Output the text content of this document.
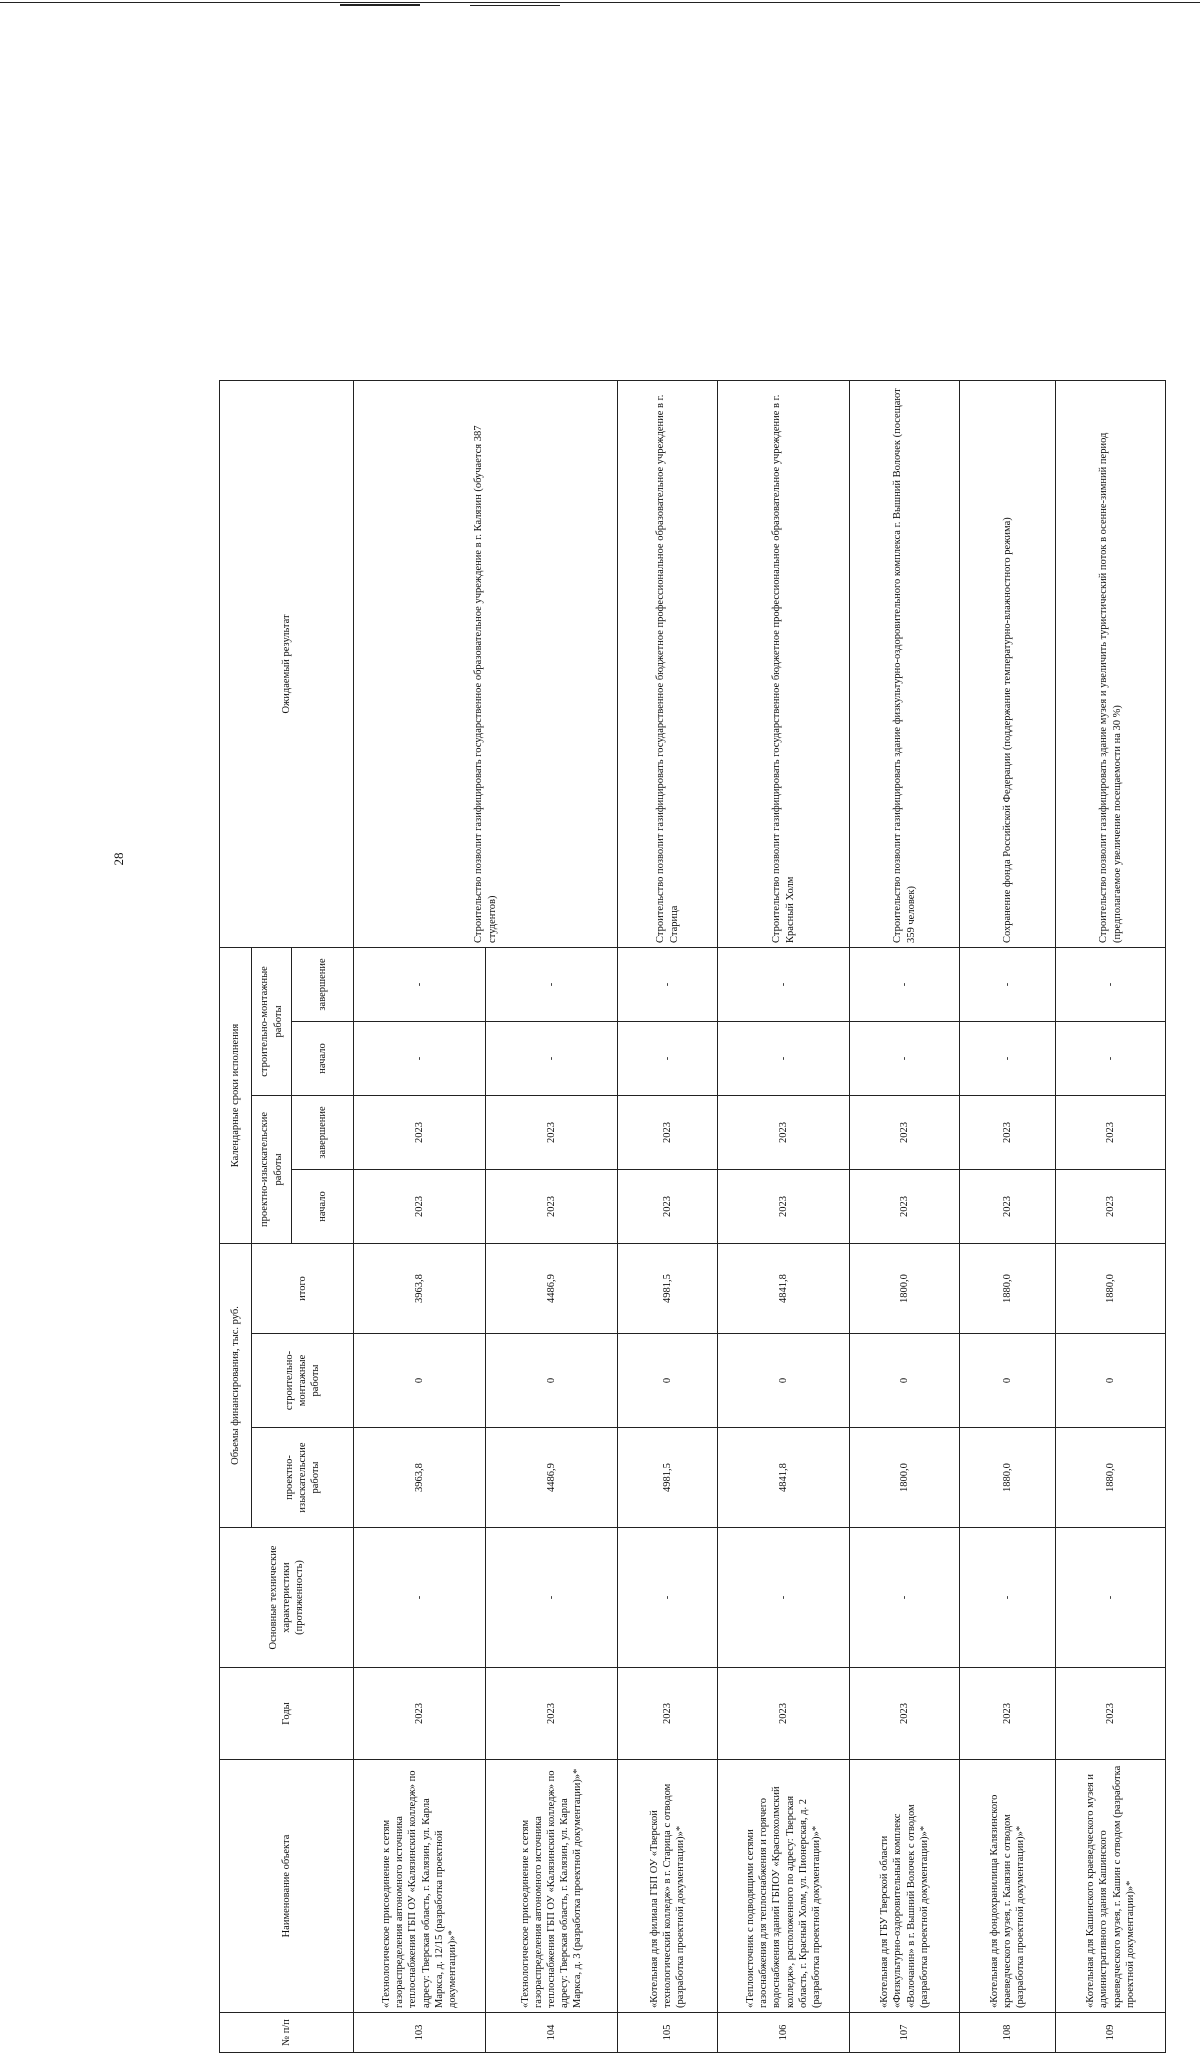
28
№ п/п	Наименование объекта	Годы	Основные технические характеристики (протяженность)	Объемы финансирования, тыс. руб.			Календарные сроки исполнения				Ожидаемый результат
				проектно-изыскательские работы	строительно-монтажные работы	итого	проектно-изыскательские работы		строительно-монтажные работы		
							начало	завершение	начало	завершение	
103	«Технологическое присоединение к сетям газораспределения автономного источника теплоснабжения ГБП ОУ «Калязинский колледж» по адресу: Тверская область, г. Калязин, ул. Карла Маркса, д. 12/15 (разработка проектной документации)»*	2023	-	3963,8	0	3963,8	2023	2023	-	-	Строительство позволит газифицировать государственное образовательное учреждение в г. Калязин (обучается 387 студентов)
104	«Технологическое присоединение к сетям газораспределения автономного источника теплоснабжения ГБП ОУ «Калязинский колледж» по адресу: Тверская область, г. Калязин, ул. Карла Маркса, д. 3 (разработка проектной документации)»*	2023	-	4486,9	0	4486,9	2023	2023	-	-	
105	«Котельная для филиала ГБП ОУ «Тверской технологический колледж» в г. Старица с отводом (разработка проектной документации)»*	2023	-	4981,5	0	4981,5	2023	2023	-	-	Строительство позволит газифицировать государственное бюджетное профессиональное образовательное учреждение в г. Старица
106	«Теплоисточник с подводящими сетями газоснабжения для теплоснабжения и горячего водоснабжения зданий ГБПОУ «Краснохолмский колледж», расположенного по адресу: Тверская область, г. Красный Холм, ул. Пионерская, д. 2 (разработка проектной документации)»*	2023	-	4841,8	0	4841,8	2023	2023	-	-	Строительство позволит газифицировать государственное бюджетное профессиональное образовательное учреждение в г. Красный Холм
107	«Котельная для ГБУ Тверской области «Физкультурно-оздоровительный комплекс «Волочанин» в г. Вышний Волочек с отводом (разработка проектной документации)»*	2023	-	1800,0	0	1800,0	2023	2023	-	-	Строительство позволит газифицировать здание физкультурно-оздоровительного комплекса г. Вышний Волочек (посещают 359 человек)
108	«Котельная для фондохранилища Калязинского краеведческого музея, г. Калязин с отводом (разработка проектной документации)»*	2023	-	1880,0	0	1880,0	2023	2023	-	-	Сохранение фонда Российской Федерации (поддержание температурно-влажностного режима)
109	«Котельная для Кашинского краеведческого музея и административного здания Кашинского краеведческого музея, г. Кашин с отводом (разработка проектной документации)»*	2023	-	1880,0	0	1880,0	2023	2023	-	-	Строительство позволит газифицировать здание музея и увеличить туристический поток в осенне-зимний период (предполагаемое увеличение посещаемости на 30 %)
